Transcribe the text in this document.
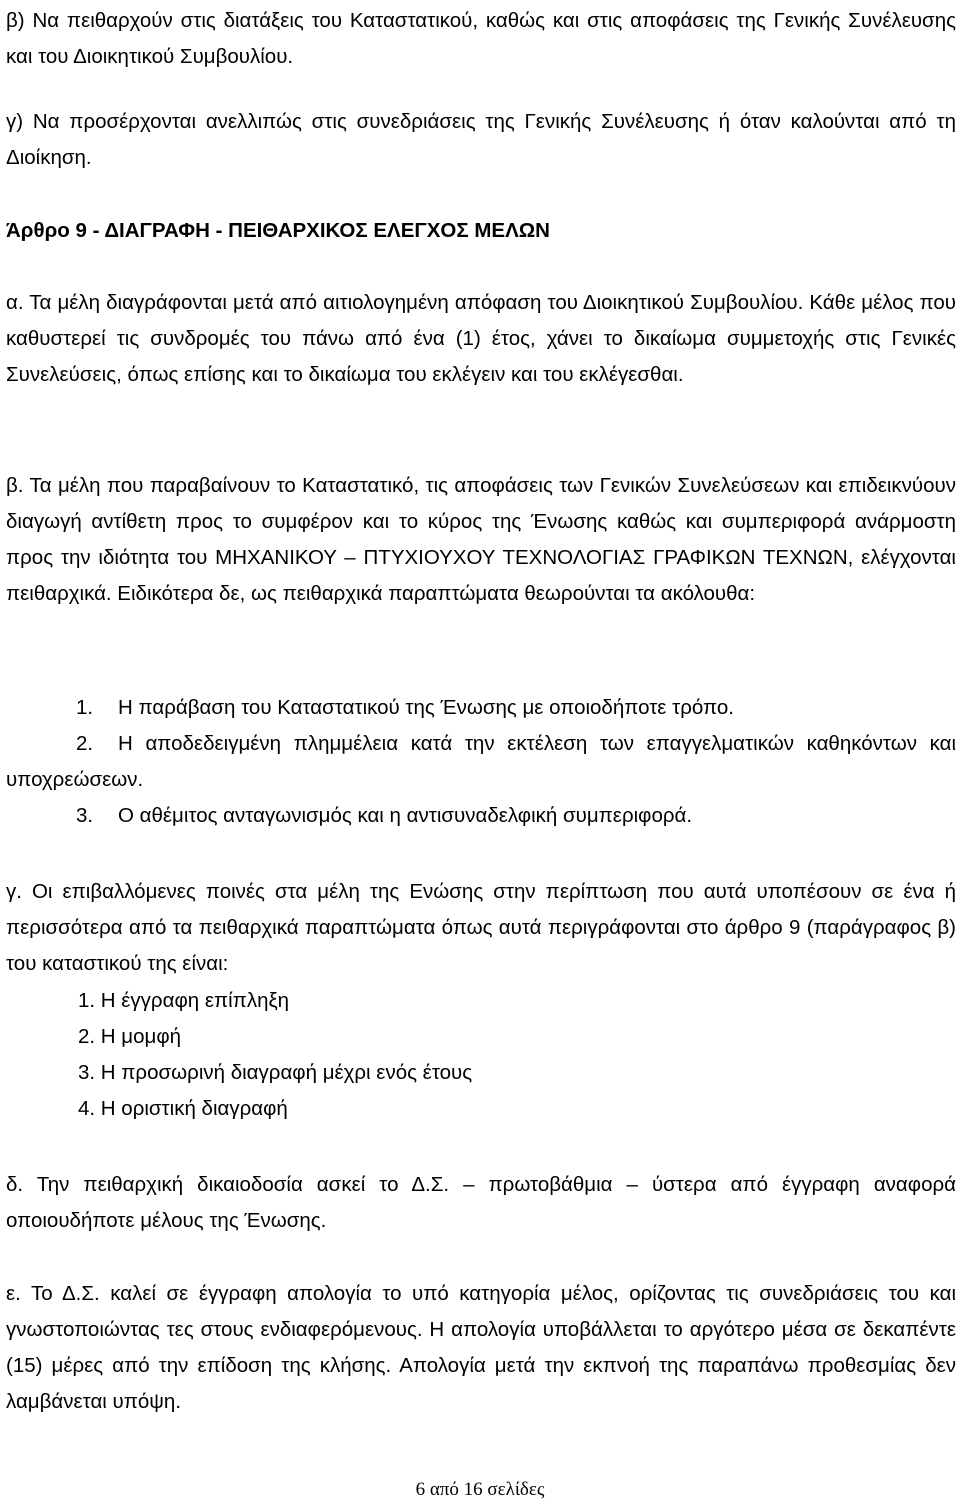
β) Να πειθαρχούν στις διατάξεις του Καταστατικού, καθώς και στις αποφάσεις της Γενικής Συνέλευσης και του Διοικητικού Συμβουλίου.

γ) Να προσέρχονται ανελλιπώς στις συνεδριάσεις της Γενικής Συνέλευσης ή όταν καλούνται από τη Διοίκηση.

Άρθρο 9 - ΔΙΑΓΡΑΦΗ - ΠΕΙΘΑΡΧΙΚΟΣ ΕΛΕΓΧΟΣ ΜΕΛΩΝ

α. Τα μέλη διαγράφονται μετά από αιτιολογημένη απόφαση του Διοικητικού Συμβουλίου. Κάθε μέλος που καθυστερεί τις συνδρομές του πάνω από ένα (1) έτος, χάνει το δικαίωμα συμμετοχής στις Γενικές Συνελεύσεις, όπως επίσης και το δικαίωμα του εκλέγειν και του εκλέγεσθαι.

β. Τα μέλη που παραβαίνουν το Καταστατικό, τις αποφάσεις των Γενικών Συνελεύσεων και επιδεικνύουν διαγωγή αντίθετη προς το συμφέρον και το κύρος της Ένωσης καθώς και συμπεριφορά ανάρμοστη προς την ιδιότητα του ΜΗΧΑΝΙΚΟΥ – ΠΤΥΧΙΟΥΧΟΥ ΤΕΧΝΟΛΟΓΙΑΣ ΓΡΑΦΙΚΩΝ ΤΕΧΝΩΝ, ελέγχονται πειθαρχικά. Ειδικότερα δε, ως πειθαρχικά παραπτώματα θεωρούνται τα ακόλουθα:

1. Η παράβαση του Καταστατικού της Ένωσης με οποιοδήποτε τρόπο.

2. Η αποδεδειγμένη πλημμέλεια κατά την εκτέλεση των επαγγελματικών καθηκόντων και υποχρεώσεων.

3. Ο αθέμιτος ανταγωνισμός και η αντισυναδελφική συμπεριφορά.

γ. Οι επιβαλλόμενες ποινές στα μέλη της Ενώσης στην περίπτωση που αυτά υποπέσουν σε ένα ή περισσότερα από τα πειθαρχικά παραπτώματα όπως αυτά περιγράφονται στο άρθρο 9 (παράγραφος β) του καταστικού της είναι:

1. Η έγγραφη επίπληξη

2. Η μομφή

3. Η προσωρινή διαγραφή μέχρι ενός έτους

4. Η οριστική διαγραφή

δ. Την πειθαρχική δικαιοδοσία ασκεί το Δ.Σ. – πρωτοβάθμια – ύστερα από έγγραφη αναφορά οποιουδήποτε μέλους της Ένωσης.

ε. Το Δ.Σ. καλεί σε έγγραφη απολογία το υπό κατηγορία μέλος, ορίζοντας τις συνεδριάσεις του και γνωστοποιώντας τες στους ενδιαφερόμενους. Η απολογία υποβάλλεται το αργότερο μέσα σε δεκαπέντε (15) μέρες από την επίδοση της κλήσης. Απολογία μετά την εκπνοή της παραπάνω προθεσμίας δεν λαμβάνεται υπόψη.

6 από 16 σελίδες
